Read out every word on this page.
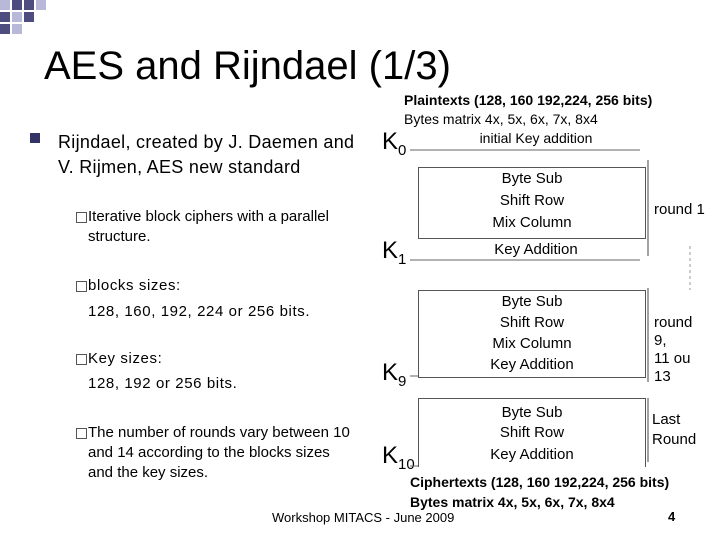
AES and Rijndael (1/3)
Rijndael, created by J. Daemen and V. Rijmen, AES new standard
Iterative block ciphers with a parallel structure.
blocks sizes:
128, 160, 192, 224 or 256 bits.
Key sizes:
128, 192 or 256 bits.
The number of rounds vary between 10 and 14 according to the blocks sizes and the key sizes.
Plaintexts (128, 160 192,224, 256 bits)
Bytes matrix 4x, 5x, 6x, 7x, 8x4
initial Key addition
$K_0$
$K_1$
$K_9$
$K_{10}$
Byte Sub
Shift Row
Mix Column
Key Addition
round 1
Byte Sub
Shift Row
Mix Column
Key Addition
round
9,
11 ou
13
Byte Sub
Shift Row
Key Addition
Last
Round
Ciphertexts (128, 160 192,224, 256 bits)
Bytes matrix 4x, 5x, 6x, 7x, 8x4
Workshop MITACS - June 2009	4
